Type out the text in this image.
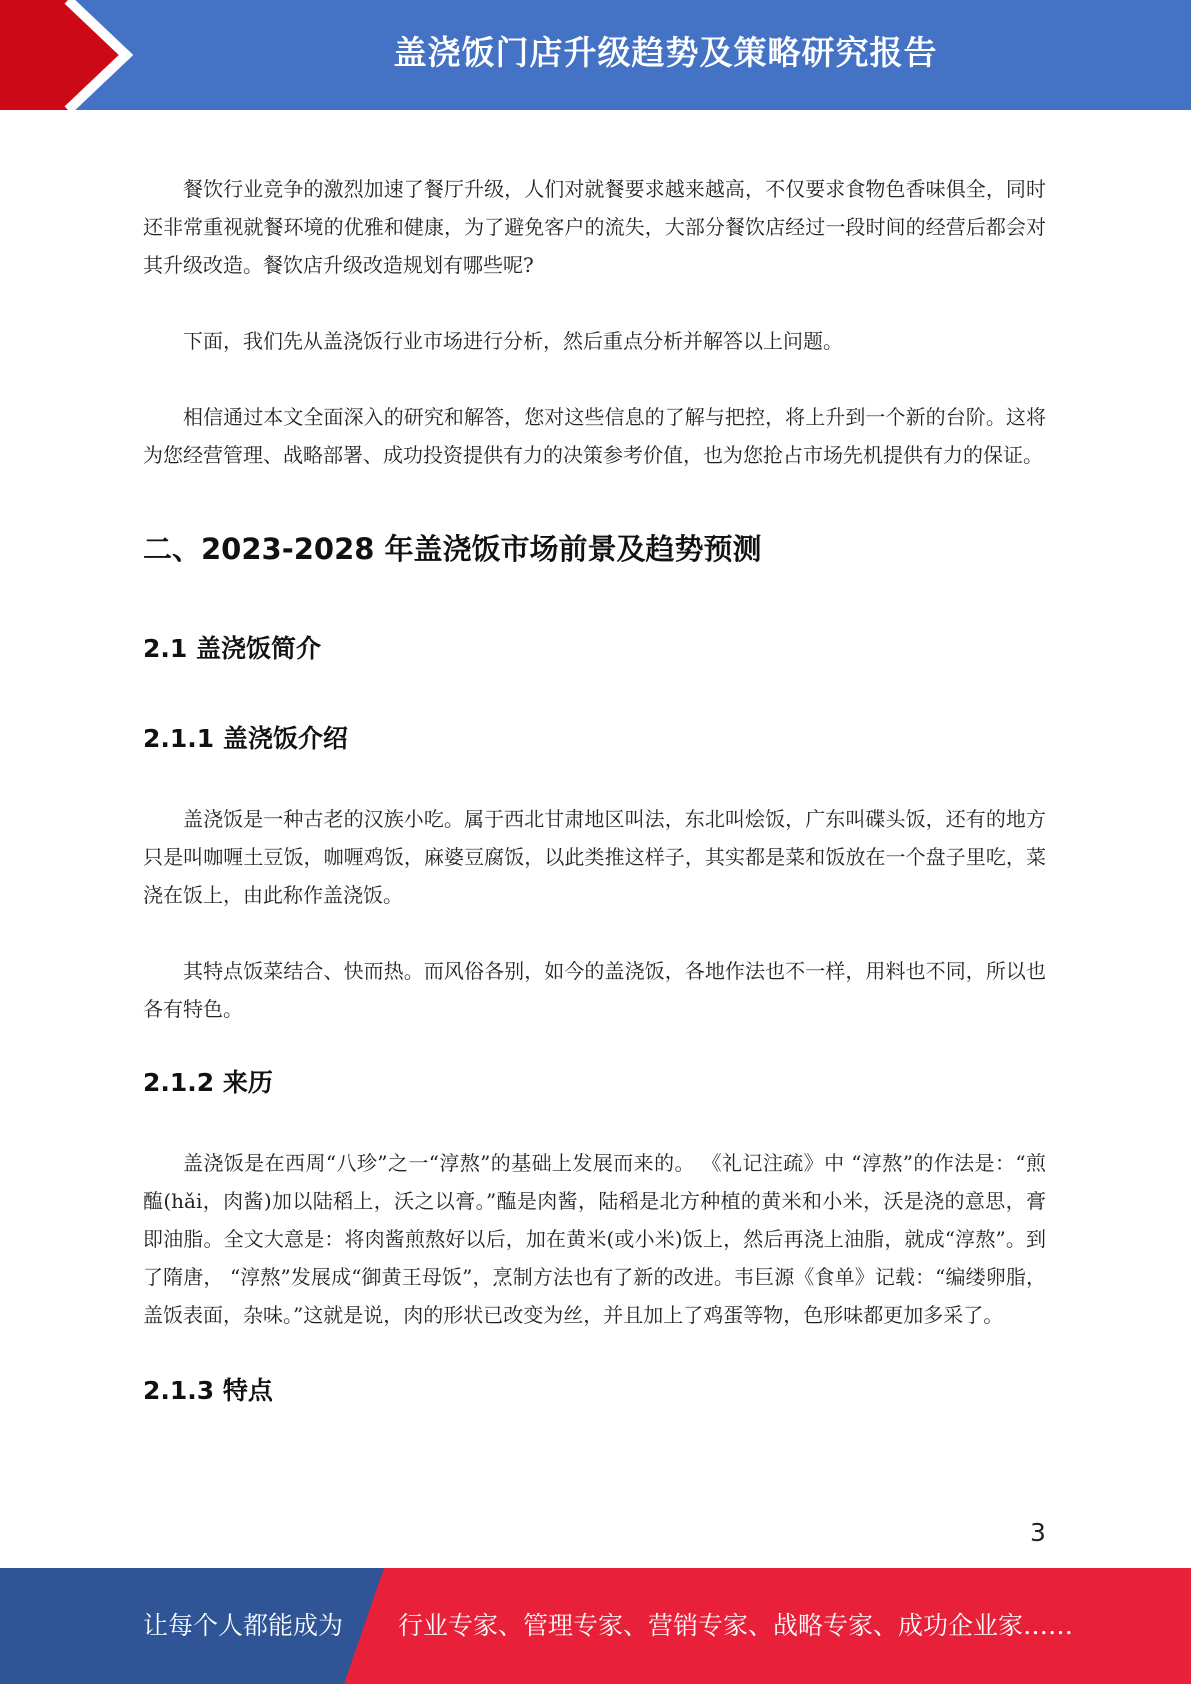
盖浇饭门店升级趋势及策略研究报告

餐饮行业竞争的激烈加速了餐厅升级，人们对就餐要求越来越高，不仅要求食物色香味俱全，同时还非常重视就餐环境的优雅和健康，为了避免客户的流失，大部分餐饮店经过一段时间的经营后都会对其升级改造。餐饮店升级改造规划有哪些呢?

下面，我们先从盖浇饭行业市场进行分析，然后重点分析并解答以上问题。

相信通过本文全面深入的研究和解答，您对这些信息的了解与把控，将上升到一个新的台阶。这将为您经营管理、战略部署、成功投资提供有力的决策参考价值，也为您抢占市场先机提供有力的保证。

二、2023-2028 年盖浇饭市场前景及趋势预测
2.1 盖浇饭简介
2.1.1 盖浇饭介绍

盖浇饭是一种古老的汉族小吃。属于西北甘肃地区叫法，东北叫烩饭，广东叫碟头饭，还有的地方只是叫咖喱土豆饭，咖喱鸡饭，麻婆豆腐饭，以此类推这样子，其实都是菜和饭放在一个盘子里吃，菜浇在饭上，由此称作盖浇饭。

其特点饭菜结合、快而热。而风俗各别，如今的盖浇饭，各地作法也不一样，用料也不同，所以也各有特色。

2.1.2 来历

盖浇饭是在西周“八珍”之一“淳熬”的基础上发展而来的。 《礼记注疏》中 “淳熬”的作法是：“煎醢(hǎi，肉酱)加以陆稻上，沃之以膏。”醢是肉酱，陆稻是北方种植的黄米和小米，沃是浇的意思，膏即油脂。全文大意是：将肉酱煎熬好以后，加在黄米(或小米)饭上，然后再浇上油脂，就成“淳熬”。到了隋唐， “淳熬”发展成“御黄王母饭”，烹制方法也有了新的改进。韦巨源《食单》记载：“编缕卵脂，盖饭表面，杂味。”这就是说，肉的形状已改变为丝，并且加上了鸡蛋等物，色形味都更加多采了。

2.1.3 特点
3
让每个人都能成为 行业专家、管理专家、营销专家、战略专家、成功企业家……
